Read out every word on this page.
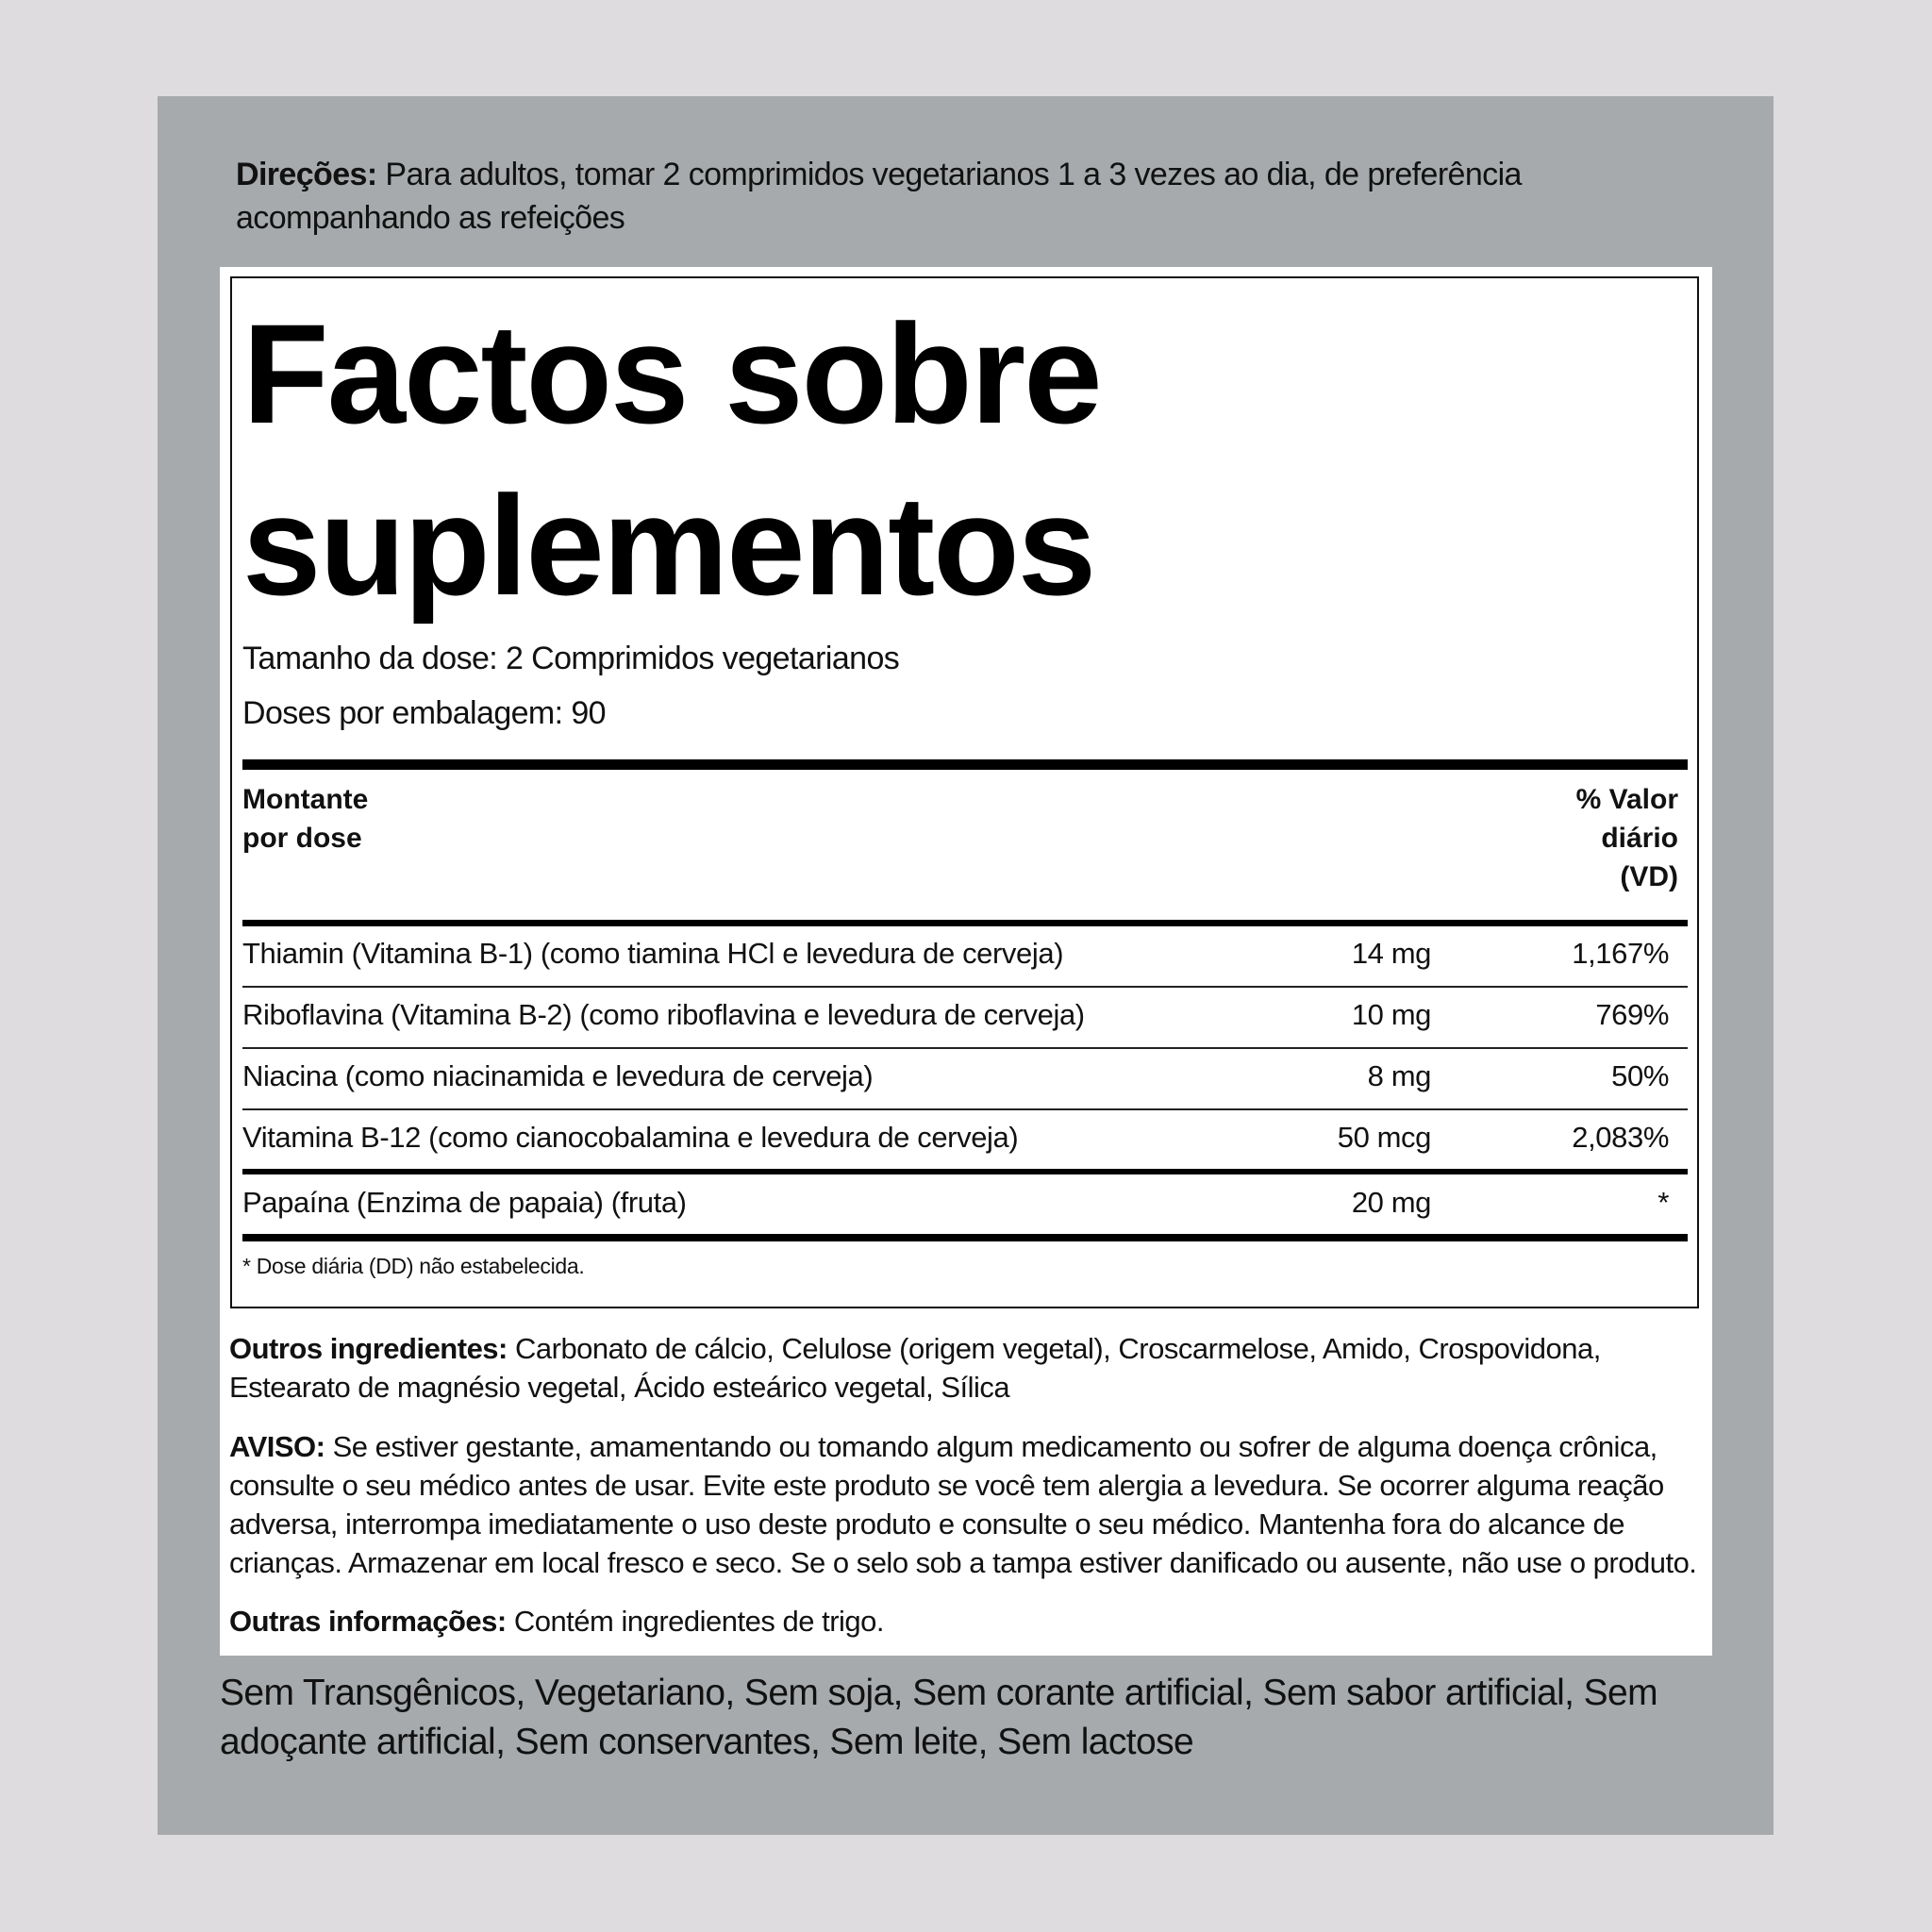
Direções: Para adultos, tomar 2 comprimidos vegetarianos 1 a 3 vezes ao dia, de preferência acompanhando as refeições
Factos sobre suplementos
Tamanho da dose: 2 Comprimidos vegetarianos
Doses por embalagem: 90
Montante
por dose
% Valor
diário
(VD)
Thiamin (Vitamina B-1) (como tiamina HCl e levedura de cerveja)	14 mg	1,167%
Riboflavina (Vitamina B-2) (como riboflavina e levedura de cerveja)	10 mg	769%
Niacina (como niacinamida e levedura de cerveja)	8 mg	50%
Vitamina B-12 (como cianocobalamina e levedura de cerveja)	50 mcg	2,083%
Papaína (Enzima de papaia) (fruta)	20 mg	*
* Dose diária (DD) não estabelecida.
Outros ingredientes: Carbonato de cálcio, Celulose (origem vegetal), Croscarmelose, Amido, Crospovidona, Estearato de magnésio vegetal, Ácido esteárico vegetal, Sílica
AVISO: Se estiver gestante, amamentando ou tomando algum medicamento ou sofrer de alguma doença crônica, consulte o seu médico antes de usar. Evite este produto se você tem alergia a levedura. Se ocorrer alguma reação adversa, interrompa imediatamente o uso deste produto e consulte o seu médico. Mantenha fora do alcance de crianças. Armazenar em local fresco e seco. Se o selo sob a tampa estiver danificado ou ausente, não use o produto.
Outras informações: Contém ingredientes de trigo.
Sem Transgênicos, Vegetariano, Sem soja, Sem corante artificial, Sem sabor artificial, Sem adoçante artificial, Sem conservantes, Sem leite, Sem lactose
